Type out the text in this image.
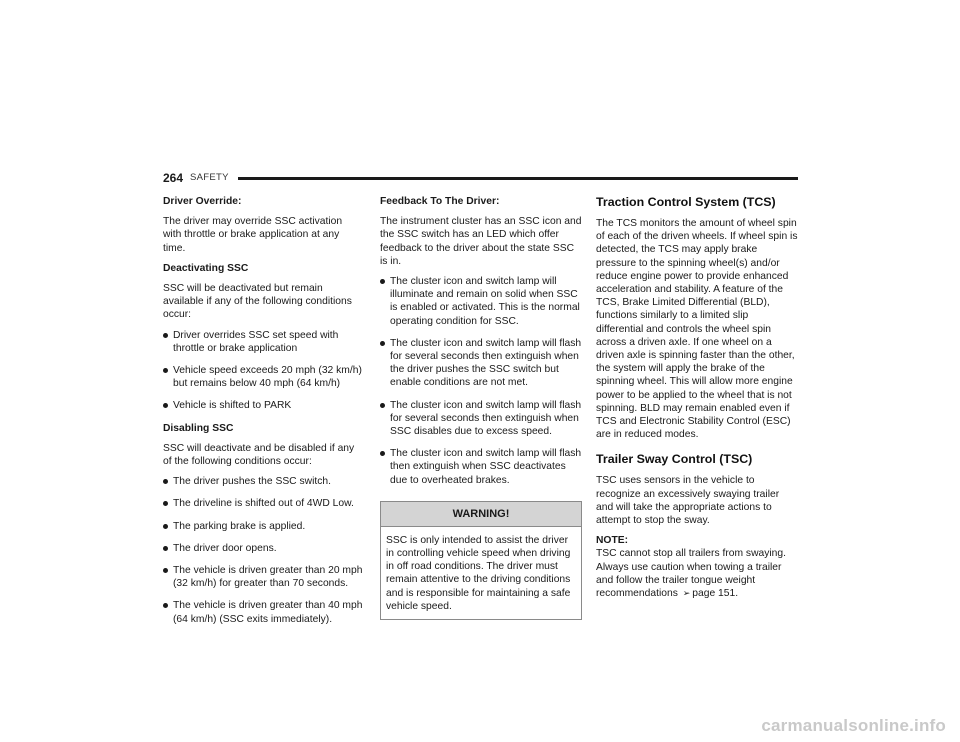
264 SAFETY

Driver Override:

The driver may override SSC activation with throttle or brake application at any time.

Deactivating SSC

SSC will be deactivated but remain available if any of the following conditions occur:

Driver overrides SSC set speed with throttle or brake application
Vehicle speed exceeds 20 mph (32 km/h) but remains below 40 mph (64 km/h)
Vehicle is shifted to PARK

Disabling SSC

SSC will deactivate and be disabled if any of the following conditions occur:

The driver pushes the SSC switch.
The driveline is shifted out of 4WD Low.
The parking brake is applied.
The driver door opens.
The vehicle is driven greater than 20 mph (32 km/h) for greater than 70 seconds.
The vehicle is driven greater than 40 mph (64 km/h) (SSC exits immediately).

Feedback To The Driver:

The instrument cluster has an SSC icon and the SSC switch has an LED which offer feedback to the driver about the state SSC is in.

The cluster icon and switch lamp will illuminate and remain on solid when SSC is enabled or activated. This is the normal operating condition for SSC.
The cluster icon and switch lamp will flash for several seconds then extinguish when the driver pushes the SSC switch but enable conditions are not met.
The cluster icon and switch lamp will flash for several seconds then extinguish when SSC disables due to excess speed.
The cluster icon and switch lamp will flash then extinguish when SSC deactivates due to overheated brakes.
WARNING!
SSC is only intended to assist the driver in controlling vehicle speed when driving in off road conditions. The driver must remain attentive to the driving conditions and is responsible for maintaining a safe vehicle speed.

Traction Control System (TCS)

The TCS monitors the amount of wheel spin of each of the driven wheels. If wheel spin is detected, the TCS may apply brake pressure to the spinning wheel(s) and/or reduce engine power to provide enhanced acceleration and stability. A feature of the TCS, Brake Limited Differential (BLD), functions similarly to a limited slip differential and controls the wheel spin across a driven axle. If one wheel on a driven axle is spinning faster than the other, the system will apply the brake of the spinning wheel. This will allow more engine power to be applied to the wheel that is not spinning. BLD may remain enabled even if TCS and Electronic Stability Control (ESC) are in reduced modes.

Trailer Sway Control (TSC)

TSC uses sensors in the vehicle to recognize an excessively swaying trailer and will take the appropriate actions to attempt to stop the sway.

NOTE:

TSC cannot stop all trailers from swaying. Always use caution when towing a trailer and follow the trailer tongue weight recommendations ➢ page 151.

carmanualsonline.info
